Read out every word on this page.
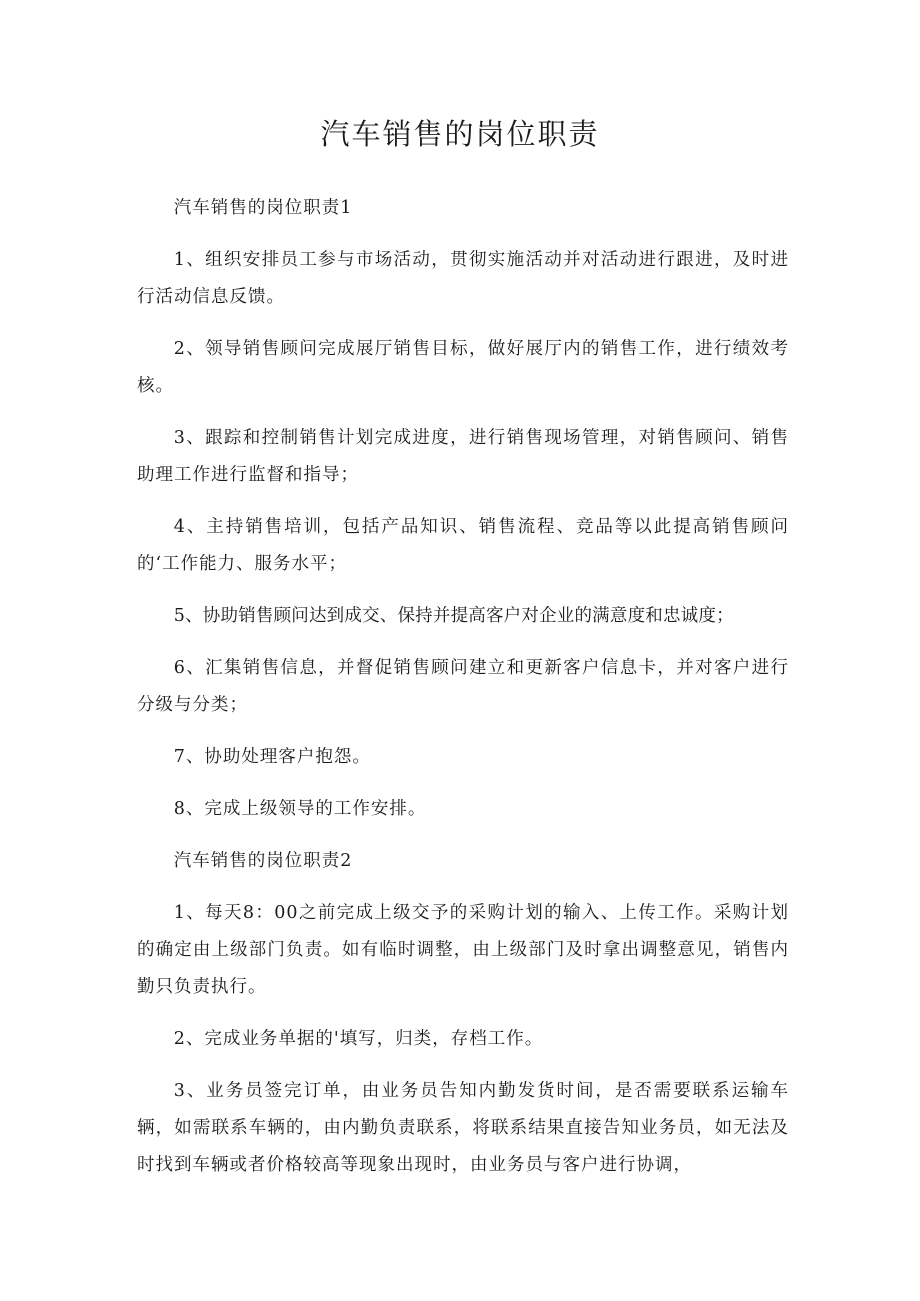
汽车销售的岗位职责

汽车销售的岗位职责1

1、组织安排员工参与市场活动，贯彻实施活动并对活动进行跟进，及时进行活动信息反馈。

2、领导销售顾问完成展厅销售目标，做好展厅内的销售工作，进行绩效考核。

3、跟踪和控制销售计划完成进度，进行销售现场管理，对销售顾问、销售助理工作进行监督和指导；

4、主持销售培训，包括产品知识、销售流程、竞品等以此提高销售顾问的‘工作能力、服务水平；

5、协助销售顾问达到成交、保持并提高客户对企业的满意度和忠诚度；

6、汇集销售信息，并督促销售顾问建立和更新客户信息卡，并对客户进行分级与分类；

7、协助处理客户抱怨。

8、完成上级领导的工作安排。

汽车销售的岗位职责2

1、每天8：00之前完成上级交予的采购计划的输入、上传工作。采购计划的确定由上级部门负责。如有临时调整，由上级部门及时拿出调整意见，销售内勤只负责执行。

2、完成业务单据的'填写，归类，存档工作。

3、业务员签完订单，由业务员告知内勤发货时间，是否需要联系运输车辆，如需联系车辆的，由内勤负责联系，将联系结果直接告知业务员，如无法及时找到车辆或者价格较高等现象出现时，由业务员与客户进行协调，
